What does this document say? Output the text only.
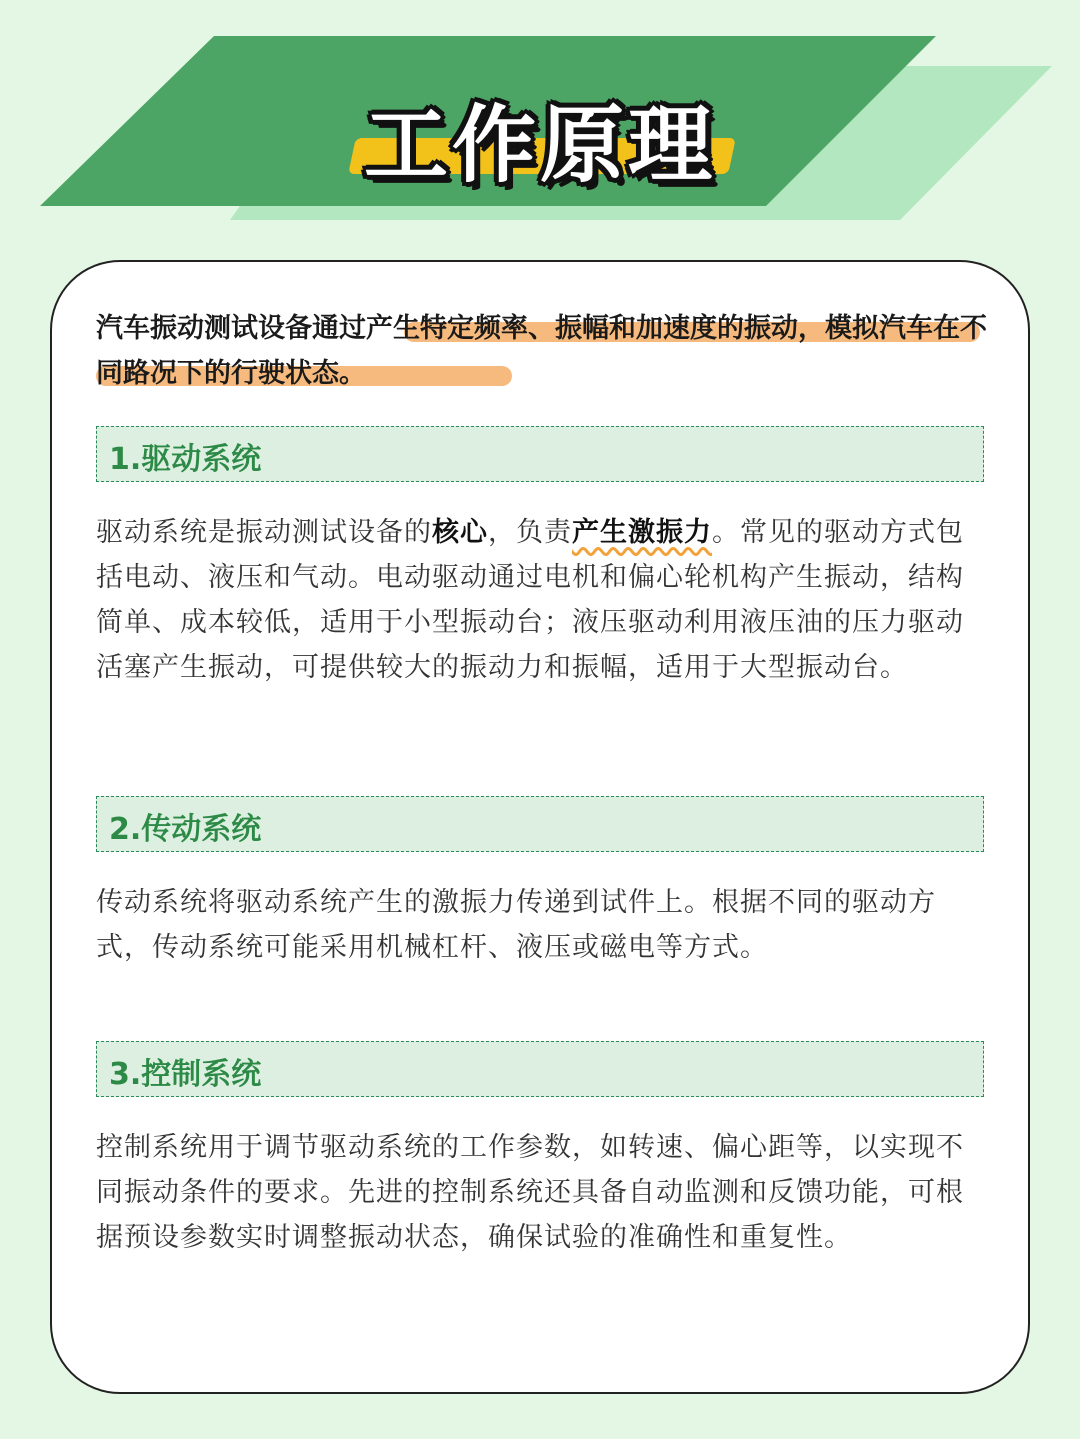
工作原理
汽车振动测试设备通过产生特定频率、振幅和加速度的振动，模拟汽车在不同路况下的行驶状态。
1.驱动系统
驱动系统是振动测试设备的核心，负责产生激振力。常见的驱动方式包括电动、液压和气动。电动驱动通过电机和偏心轮机构产生振动，结构简单、成本较低，适用于小型振动台；液压驱动利用液压油的压力驱动活塞产生振动，可提供较大的振动力和振幅，适用于大型振动台。
2.传动系统
传动系统将驱动系统产生的激振力传递到试件上。根据不同的驱动方式，传动系统可能采用机械杠杆、液压或磁电等方式。
3.控制系统
控制系统用于调节驱动系统的工作参数，如转速、偏心距等，以实现不同振动条件的要求。先进的控制系统还具备自动监测和反馈功能，可根据预设参数实时调整振动状态，确保试验的准确性和重复性。
